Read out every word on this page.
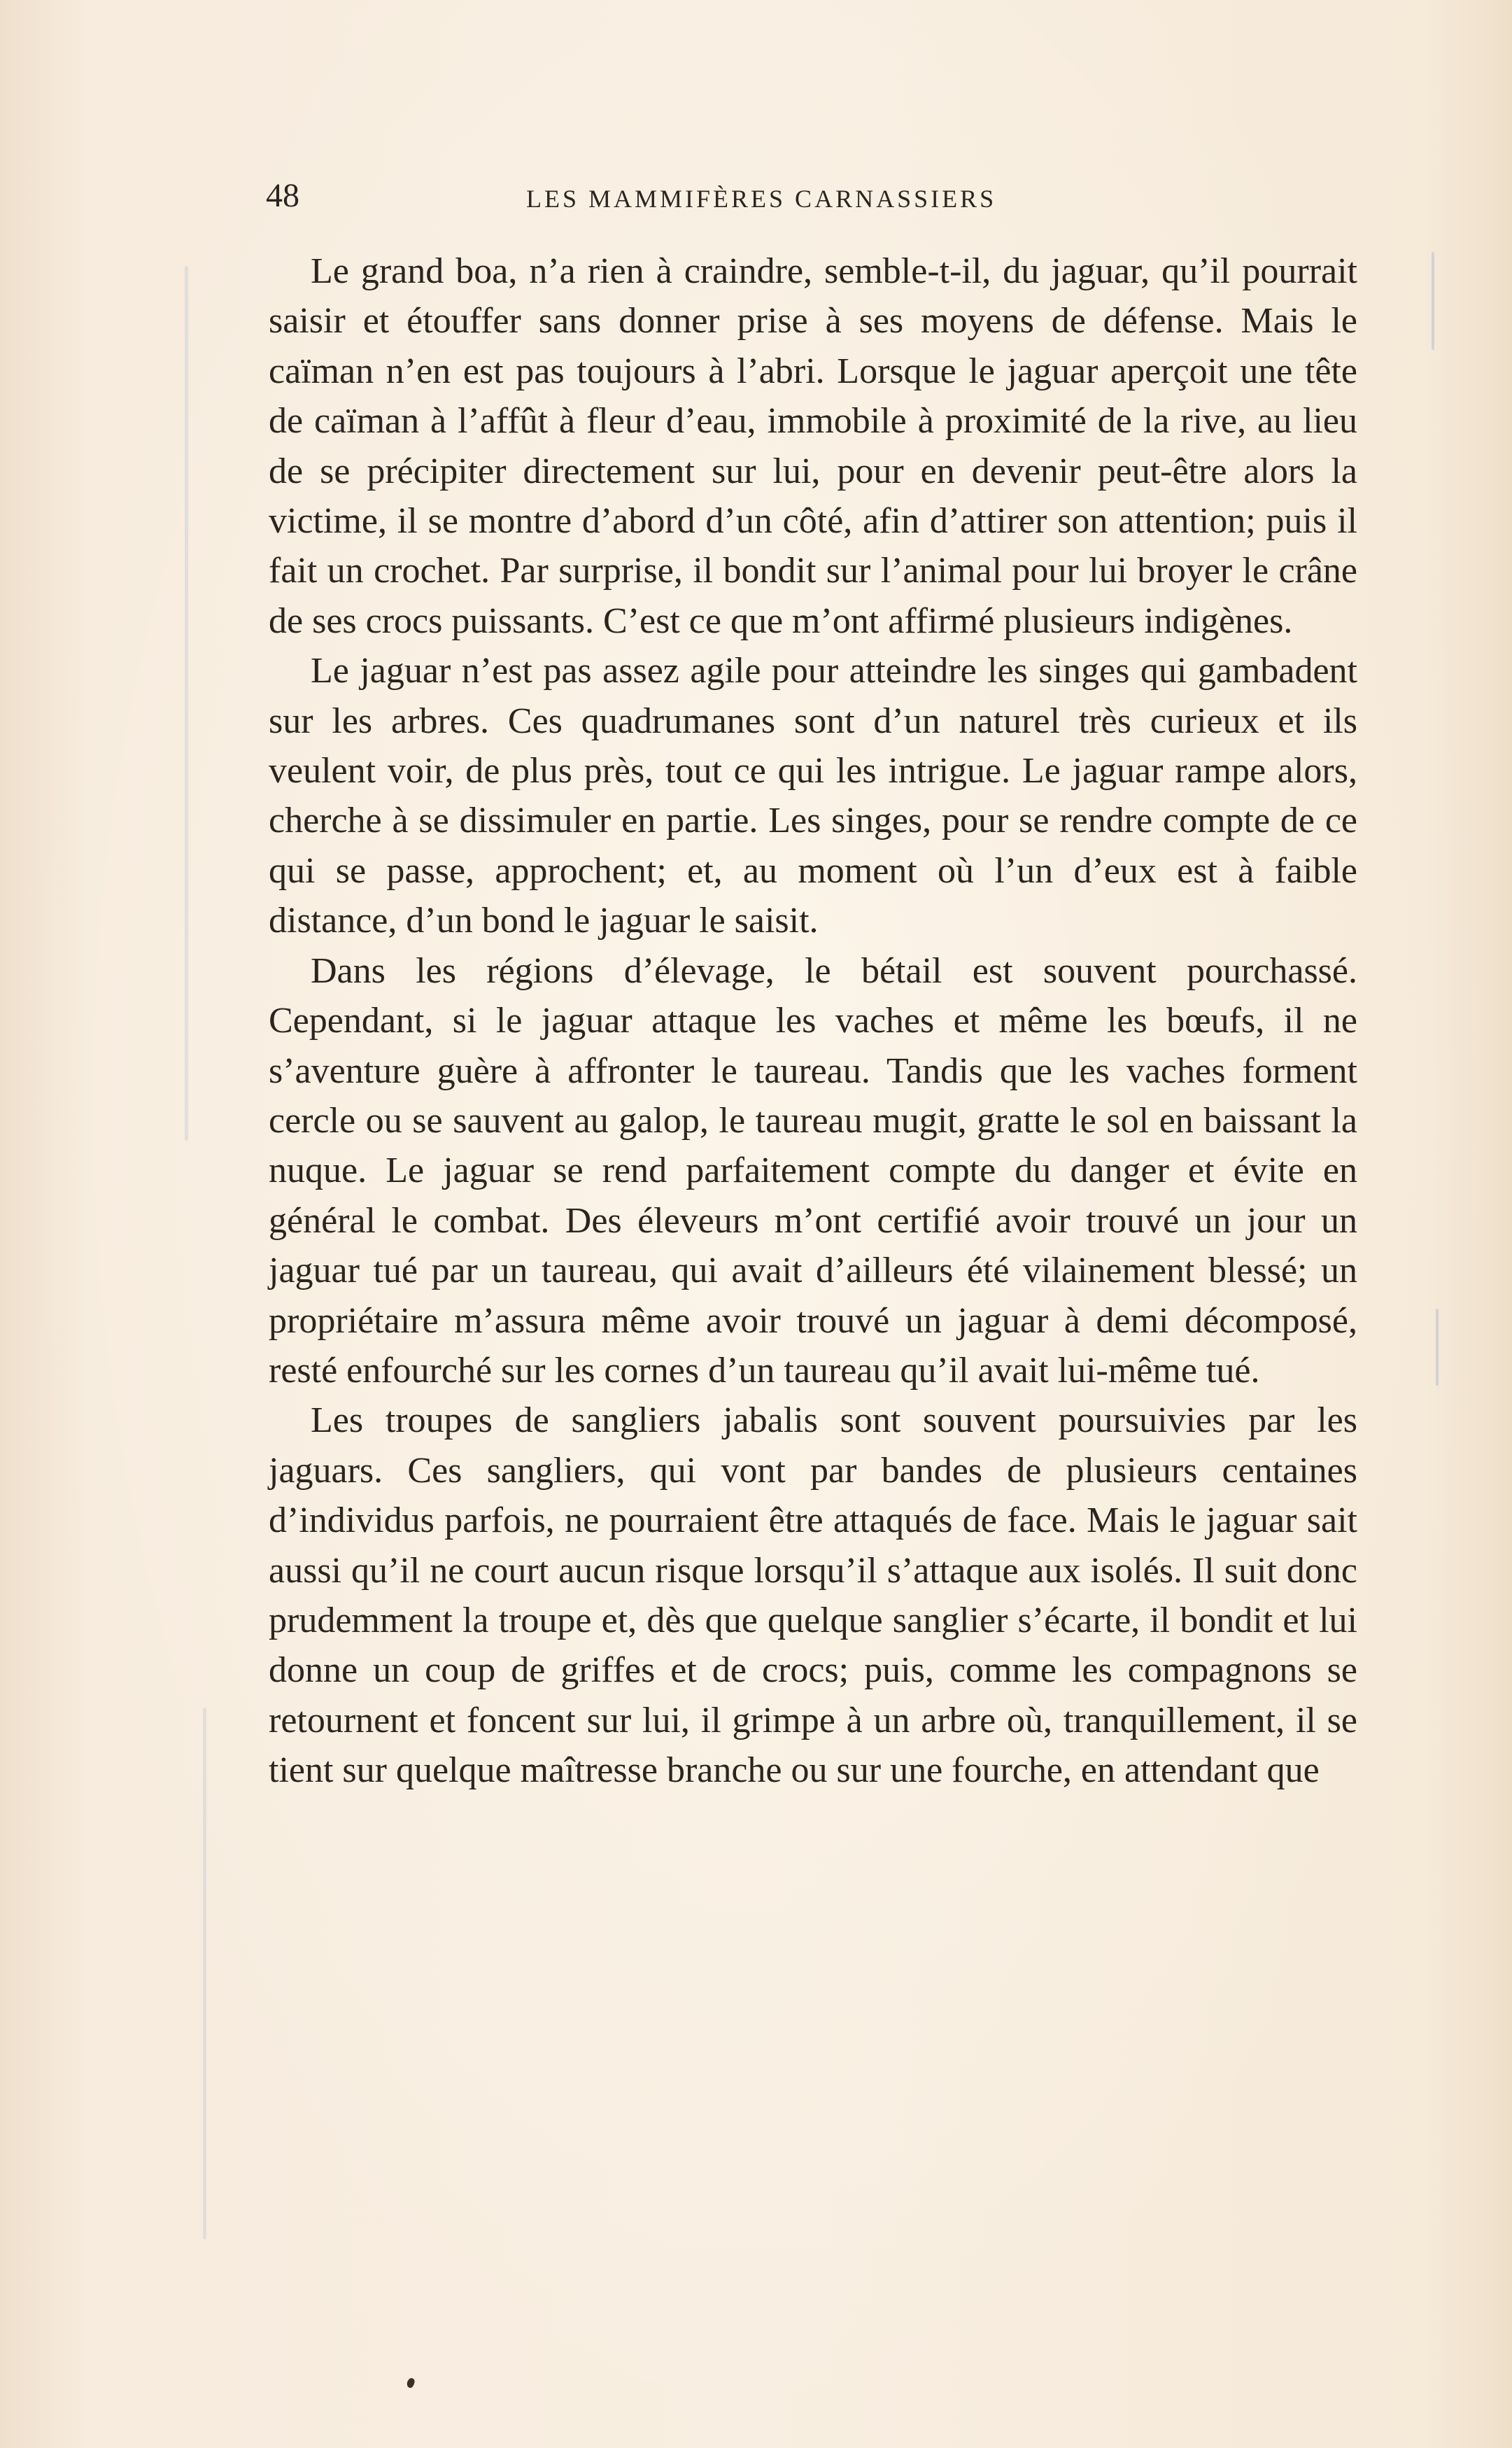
48	LES MAMMIFÈRES CARNASSIERS

Le grand boa, n’a rien à craindre, semble-t-il, du jaguar, qu’il pourrait saisir et étouffer sans donner prise à ses moyens de défense. Mais le caïman n’en est pas toujours à l’abri. Lorsque le jaguar aperçoit une tête de caïman à l’affût à fleur d’eau, immobile à proximité de la rive, au lieu de se précipiter directement sur lui, pour en devenir peut-être alors la victime, il se montre d’abord d’un côté, afin d’attirer son attention; puis il fait un crochet. Par surprise, il bondit sur l’animal pour lui broyer le crâne de ses crocs puissants. C’est ce que m’ont affirmé plusieurs indigènes.

Le jaguar n’est pas assez agile pour atteindre les singes qui gambadent sur les arbres. Ces quadrumanes sont d’un naturel très curieux et ils veulent voir, de plus près, tout ce qui les intrigue. Le jaguar rampe alors, cherche à se dissimuler en partie. Les singes, pour se rendre compte de ce qui se passe, approchent; et, au moment où l’un d’eux est à faible distance, d’un bond le jaguar le saisit.

Dans les régions d’élevage, le bétail est souvent pourchassé. Cependant, si le jaguar attaque les vaches et même les bœufs, il ne s’aventure guère à affronter le taureau. Tandis que les vaches forment cercle ou se sauvent au galop, le taureau mugit, gratte le sol en baissant la nuque. Le jaguar se rend parfaitement compte du danger et évite en général le combat. Des éleveurs m’ont certifié avoir trouvé un jour un jaguar tué par un taureau, qui avait d’ailleurs été vilainement blessé; un propriétaire m’assura même avoir trouvé un jaguar à demi décomposé, resté enfourché sur les cornes d’un taureau qu’il avait lui-même tué.

Les troupes de sangliers jabalis sont souvent poursuivies par les jaguars. Ces sangliers, qui vont par bandes de plusieurs centaines d’individus parfois, ne pourraient être attaqués de face. Mais le jaguar sait aussi qu’il ne court aucun risque lorsqu’il s’attaque aux isolés. Il suit donc prudemment la troupe et, dès que quelque sanglier s’écarte, il bondit et lui donne un coup de griffes et de crocs; puis, comme les compagnons se retournent et foncent sur lui, il grimpe à un arbre où, tranquillement, il se tient sur quelque maîtresse branche ou sur une fourche, en attendant que
